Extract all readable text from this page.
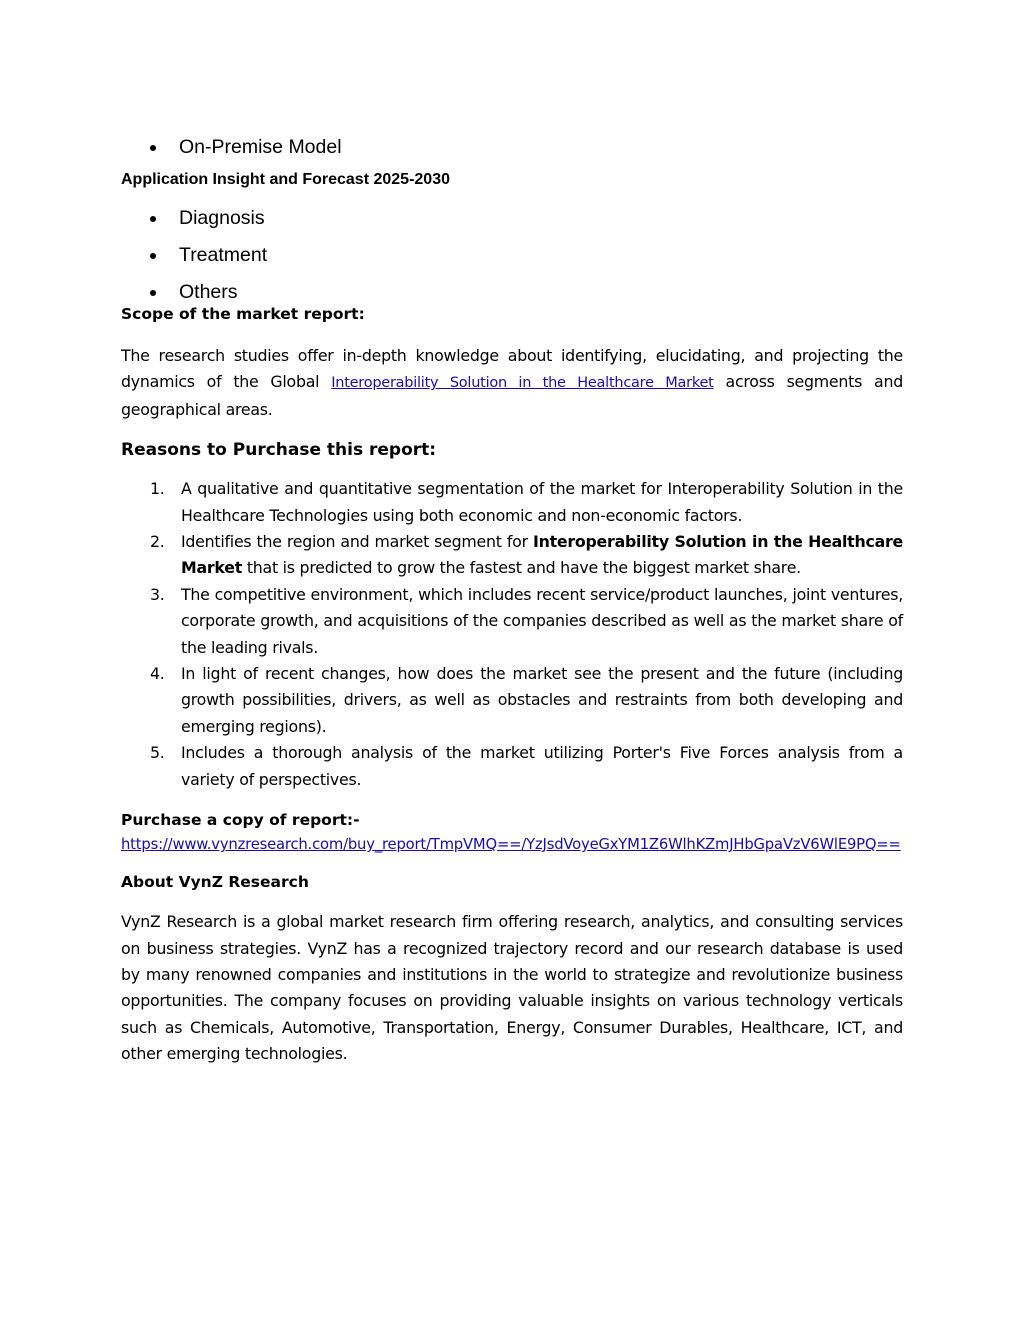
On-Premise Model
Application Insight and Forecast 2025-2030
Diagnosis
Treatment
Others
Scope of the market report:

The research studies offer in-depth knowledge about identifying, elucidating, and projecting the dynamics of the Global Interoperability Solution in the Healthcare Market across segments and geographical areas.

Reasons to Purchase this report:
1. A qualitative and quantitative segmentation of the market for Interoperability Solution in the Healthcare Technologies using both economic and non-economic factors.
2. Identifies the region and market segment for Interoperability Solution in the Healthcare Market that is predicted to grow the fastest and have the biggest market share.
3. The competitive environment, which includes recent service/product launches, joint ventures, corporate growth, and acquisitions of the companies described as well as the market share of the leading rivals.
4. In light of recent changes, how does the market see the present and the future (including growth possibilities, drivers, as well as obstacles and restraints from both developing and emerging regions).
5. Includes a thorough analysis of the market utilizing Porter's Five Forces analysis from a variety of perspectives.
Purchase a copy of report:-

https://www.vynzresearch.com/buy_report/TmpVMQ==/YzJsdVoyeGxYM1Z6WlhKZmJHbGpaVzV6WlE9PQ==

About VynZ Research

VynZ Research is a global market research firm offering research, analytics, and consulting services on business strategies. VynZ has a recognized trajectory record and our research database is used by many renowned companies and institutions in the world to strategize and revolutionize business opportunities. The company focuses on providing valuable insights on various technology verticals such as Chemicals, Automotive, Transportation, Energy, Consumer Durables, Healthcare, ICT, and other emerging technologies.
